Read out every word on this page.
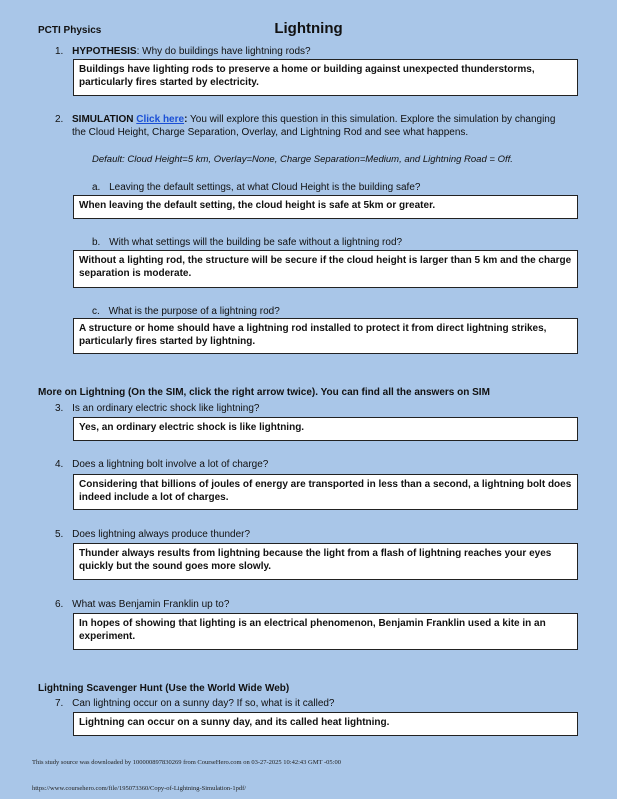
PCTI Physics	Lightning
1. HYPOTHESIS: Why do buildings have lightning rods?
Buildings have lighting rods to preserve a home or building against unexpected thunderstorms, particularly fires started by electricity.
2. SIMULATION Click here: You will explore this question in this simulation. Explore the simulation by changing the Cloud Height, Charge Separation, Overlay, and Lightning Rod and see what happens.
Default: Cloud Height=5 km, Overlay=None, Charge Separation=Medium, and Lightning Road = Off.
a. Leaving the default settings, at what Cloud Height is the building safe?
When leaving the default setting, the cloud height is safe at 5km or greater.
b. With what settings will the building be safe without a lightning rod?
Without a lighting rod, the structure will be secure if the cloud height is larger than 5 km and the charge separation is moderate.
c. What is the purpose of a lightning rod?
A structure or home should have a lightning rod installed to protect it from direct lightning strikes, particularly fires started by lightning.
More on Lightning (On the SIM, click the right arrow twice). You can find all the answers on SIM
3. Is an ordinary electric shock like lightning?
Yes, an ordinary electric shock is like lightning.
4. Does a lightning bolt involve a lot of charge?
Considering that billions of joules of energy are transported in less than a second, a lightning bolt does indeed include a lot of charges.
5. Does lightning always produce thunder?
Thunder always results from lightning because the light from a flash of lightning reaches your eyes quickly but the sound goes more slowly.
6. What was Benjamin Franklin up to?
In hopes of showing that lighting is an electrical phenomenon, Benjamin Franklin used a kite in an experiment.
Lightning Scavenger Hunt (Use the World Wide Web)
7. Can lightning occur on a sunny day? If so, what is it called?
Lightning can occur on a sunny day, and its called heat lightning.
This study source was downloaded by 100000897830269 from CourseHero.com on 03-27-2025 10:42:43 GMT -05:00
https://www.coursehero.com/file/195073360/Copy-of-Lightning-Simulation-1pdf/
